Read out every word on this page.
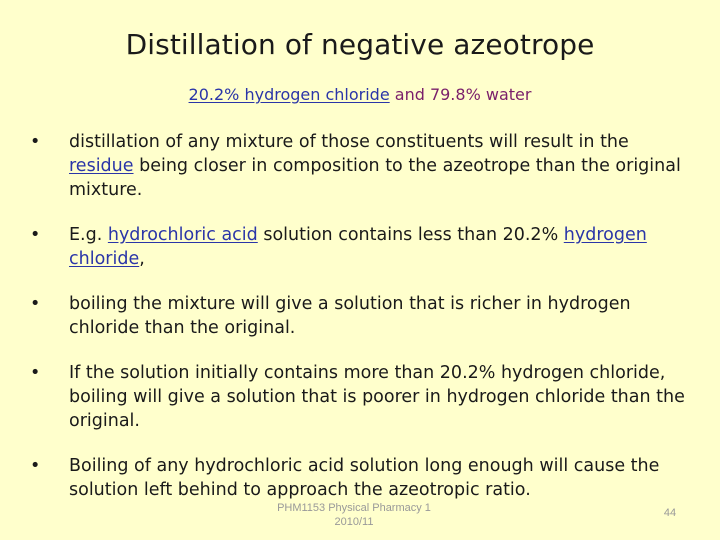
Distillation of negative azeotrope
20.2% hydrogen chloride and 79.8% water
• distillation of any mixture of those constituents will result in the residue being closer in composition to the azeotrope than the original mixture.
• E.g. hydrochloric acid solution contains less than 20.2% hydrogen chloride,
• boiling the mixture will give a solution that is richer in hydrogen chloride than the original.
• If the solution initially contains more than 20.2% hydrogen chloride, boiling will give a solution that is poorer in hydrogen chloride than the original.
• Boiling of any hydrochloric acid solution long enough will cause the solution left behind to approach the azeotropic ratio.
PHM1153 Physical Pharmacy 1
2010/11
44
